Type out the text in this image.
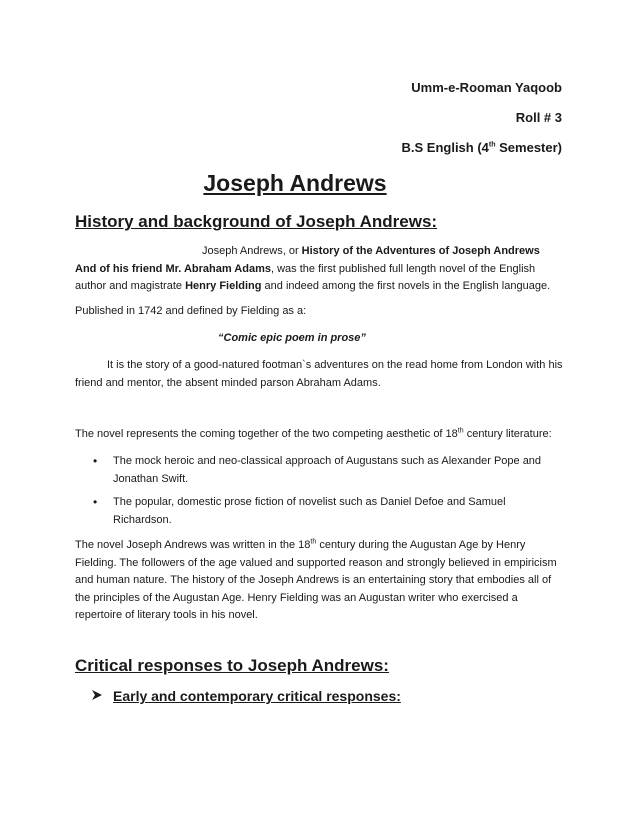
Umm-e-Rooman Yaqoob
Roll # 3
B.S English (4th Semester)
Joseph Andrews
History and background of Joseph Andrews:

Joseph Andrews, or History of the Adventures of Joseph Andrews And of his friend Mr. Abraham Adams, was the first published full length novel of the English author and magistrate Henry Fielding and indeed among the first novels in the English language.

Published in 1742 and defined by Fielding as a:
“Comic epic poem in prose”

It is the story of a good-natured footman`s adventures on the read home from London with his friend and mentor, the absent minded parson Abraham Adams.

The novel represents the coming together of the two competing aesthetic of 18th century literature:

• The mock heroic and neo-classical approach of Augustans such as Alexander Pope and Jonathan Swift.
• The popular, domestic prose fiction of novelist such as Daniel Defoe and Samuel Richardson.

The novel Joseph Andrews was written in the 18th century during the Augustan Age by Henry Fielding. The followers of the age valued and supported reason and strongly believed in empiricism and human nature. The history of the Joseph Andrews is an entertaining story that embodies all of the principles of the Augustan Age. Henry Fielding was an Augustan writer who exercised a repertoire of literary tools in his novel.

Critical responses to Joseph Andrews:
Early and contemporary critical responses:
